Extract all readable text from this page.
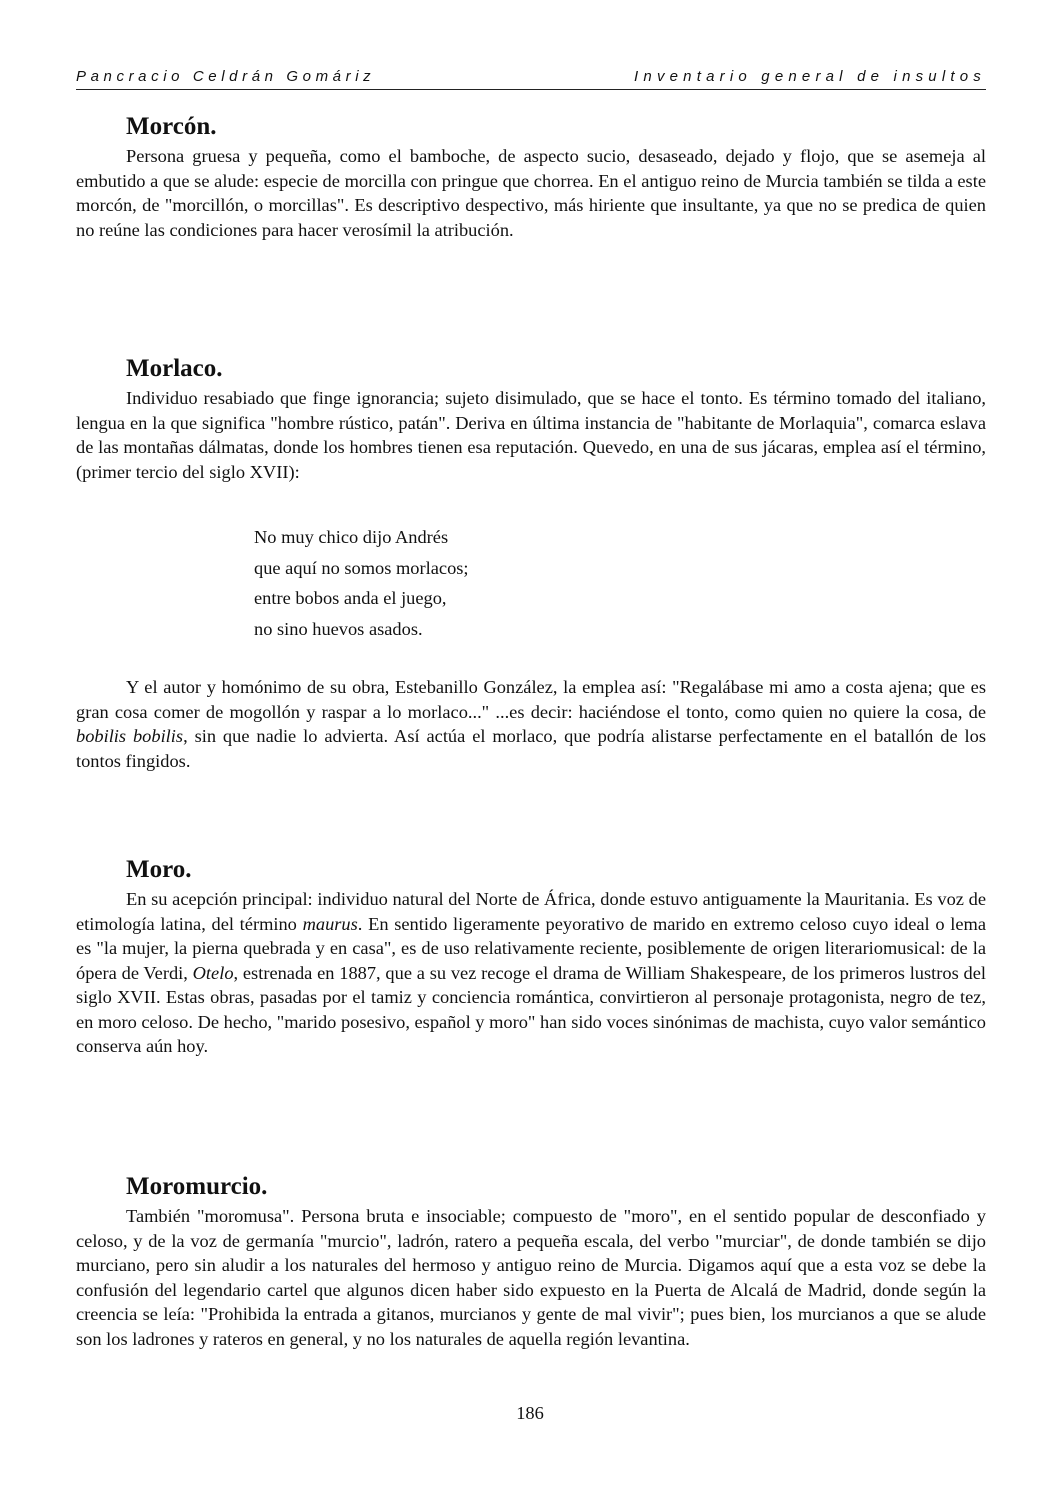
Pancracio Celdrán Gomáriz	Inventario general de insultos
Morcón.

Persona gruesa y pequeña, como el bamboche, de aspecto sucio, desaseado, dejado y flojo, que se asemeja al embutido a que se alude: especie de morcilla con pringue que chorrea. En el antiguo reino de Murcia también se tilda a este morcón, de "morcillón, o morcillas". Es descriptivo despectivo, más hiriente que insultante, ya que no se predica de quien no reúne las condiciones para hacer verosímil la atribución.

Morlaco.

Individuo resabiado que finge ignorancia; sujeto disimulado, que se hace el tonto. Es término tomado del italiano, lengua en la que significa "hombre rústico, patán". Deriva en última instancia de "habitante de Morlaquia", comarca eslava de las montañas dálmatas, donde los hombres tienen esa reputación. Quevedo, en una de sus jácaras, emplea así el término, (primer tercio del siglo XVII):

No muy chico dijo Andrés
que aquí no somos morlacos;
entre bobos anda el juego,
no sino huevos asados.

Y el autor y homónimo de su obra, Estebanillo González, la emplea así: "Regalábase mi amo a costa ajena; que es gran cosa comer de mogollón y raspar a lo morlaco..." ...es decir: haciéndose el tonto, como quien no quiere la cosa, de bobilis bobilis, sin que nadie lo advierta. Así actúa el morlaco, que podría alistarse perfectamente en el batallón de los tontos fingidos.

Moro.

En su acepción principal: individuo natural del Norte de África, donde estuvo antiguamente la Mauritania. Es voz de etimología latina, del término maurus. En sentido ligeramente peyorativo de marido en extremo celoso cuyo ideal o lema es "la mujer, la pierna quebrada y en casa", es de uso relativamente reciente, posiblemente de origen literariomusical: de la ópera de Verdi, Otelo, estrenada en 1887, que a su vez recoge el drama de William Shakespeare, de los primeros lustros del siglo XVII. Estas obras, pasadas por el tamiz y conciencia romántica, convirtieron al personaje protagonista, negro de tez, en moro celoso. De hecho, "marido posesivo, español y moro" han sido voces sinónimas de machista, cuyo valor semántico conserva aún hoy.

Moromurcio.

También "moromusa". Persona bruta e insociable; compuesto de "moro", en el sentido popular de desconfiado y celoso, y de la voz de germanía "murcio", ladrón, ratero a pequeña escala, del verbo "murciar", de donde también se dijo murciano, pero sin aludir a los naturales del hermoso y antiguo reino de Murcia. Digamos aquí que a esta voz se debe la confusión del legendario cartel que algunos dicen haber sido expuesto en la Puerta de Alcalá de Madrid, donde según la creencia se leía: "Prohibida la entrada a gitanos, murcianos y gente de mal vivir"; pues bien, los murcianos a que se alude son los ladrones y rateros en general, y no los naturales de aquella región levantina.

186
